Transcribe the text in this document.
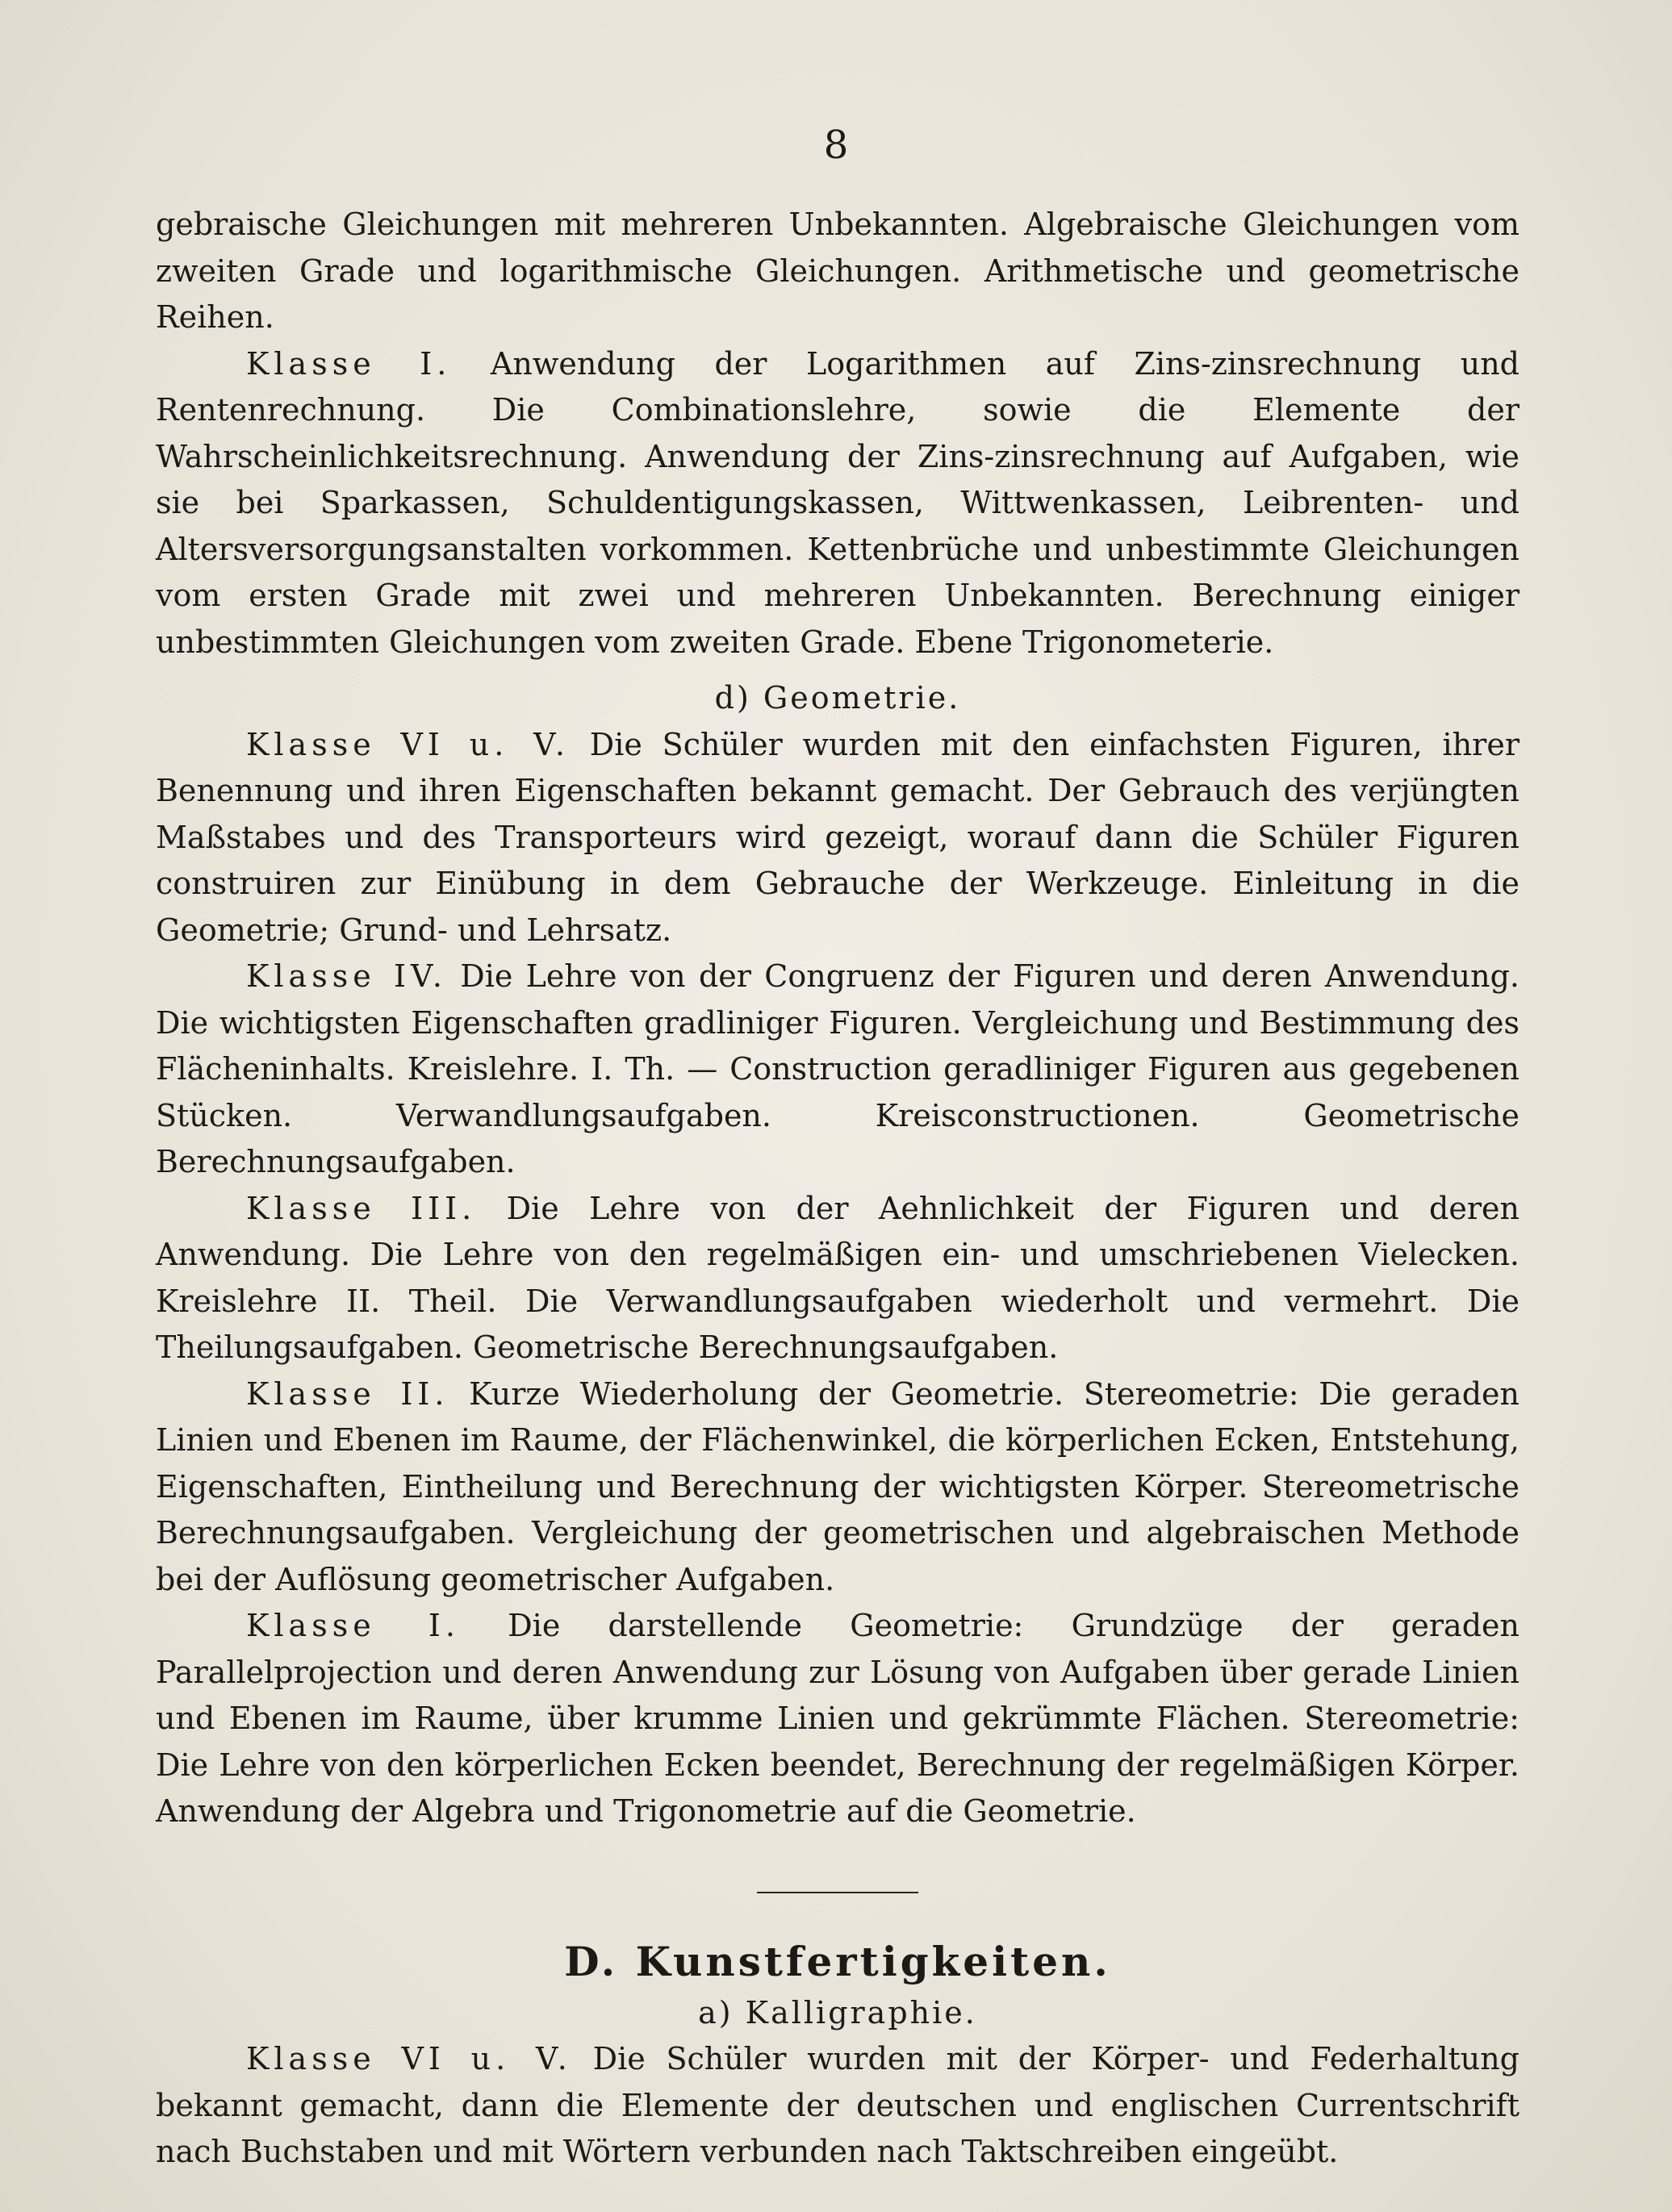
8

gebraische Gleichungen mit mehreren Unbekannten. Algebraische Gleichungen vom zweiten Grade und logarithmische Gleichungen. Arithmetische und geometrische Reihen.

Klasse I. Anwendung der Logarithmen auf Zins-zinsrechnung und Rentenrechnung. Die Combinationslehre, sowie die Elemente der Wahrscheinlichkeitsrechnung. Anwendung der Zins-zinsrechnung auf Aufgaben, wie sie bei Sparkassen, Schuldentigungskassen, Wittwenkassen, Leibrenten- und Altersversorgungsanstalten vorkommen. Kettenbrüche und unbestimmte Gleichungen vom ersten Grade mit zwei und mehreren Unbekannten. Berechnung einiger unbestimmten Gleichungen vom zweiten Grade. Ebene Trigonometerie.

d) Geometrie.

Klasse VI u. V. Die Schüler wurden mit den einfachsten Figuren, ihrer Benennung und ihren Eigenschaften bekannt gemacht. Der Gebrauch des verjüngten Maßstabes und des Transporteurs wird gezeigt, worauf dann die Schüler Figuren construiren zur Einübung in dem Gebrauche der Werkzeuge. Einleitung in die Geometrie; Grund- und Lehrsatz.

Klasse IV. Die Lehre von der Congruenz der Figuren und deren Anwendung. Die wichtigsten Eigenschaften gradliniger Figuren. Vergleichung und Bestimmung des Flächeninhalts. Kreislehre. I. Th. — Construction geradliniger Figuren aus gegebenen Stücken. Verwandlungsaufgaben. Kreisconstructionen. Geometrische Berechnungsaufgaben.

Klasse III. Die Lehre von der Aehnlichkeit der Figuren und deren Anwendung. Die Lehre von den regelmäßigen ein- und umschriebenen Vielecken. Kreislehre II. Theil. Die Verwandlungsaufgaben wiederholt und vermehrt. Die Theilungsaufgaben. Geometrische Berechnungsaufgaben.

Klasse II. Kurze Wiederholung der Geometrie. Stereometrie: Die geraden Linien und Ebenen im Raume, der Flächenwinkel, die körperlichen Ecken, Entstehung, Eigenschaften, Eintheilung und Berechnung der wichtigsten Körper. Stereometrische Berechnungsaufgaben. Vergleichung der geometrischen und algebraischen Methode bei der Auflösung geometrischer Aufgaben.

Klasse I. Die darstellende Geometrie: Grundzüge der geraden Parallelprojection und deren Anwendung zur Lösung von Aufgaben über gerade Linien und Ebenen im Raume, über krumme Linien und gekrümmte Flächen. Stereometrie: Die Lehre von den körperlichen Ecken beendet, Berechnung der regelmäßigen Körper. Anwendung der Algebra und Trigonometrie auf die Geometrie.

D. Kunstfertigkeiten.

a) Kalligraphie.

Klasse VI u. V. Die Schüler wurden mit der Körper- und Federhaltung bekannt gemacht, dann die Elemente der deutschen und englischen Currentschrift nach Buchstaben und mit Wörtern verbunden nach Taktschreiben eingeübt.
